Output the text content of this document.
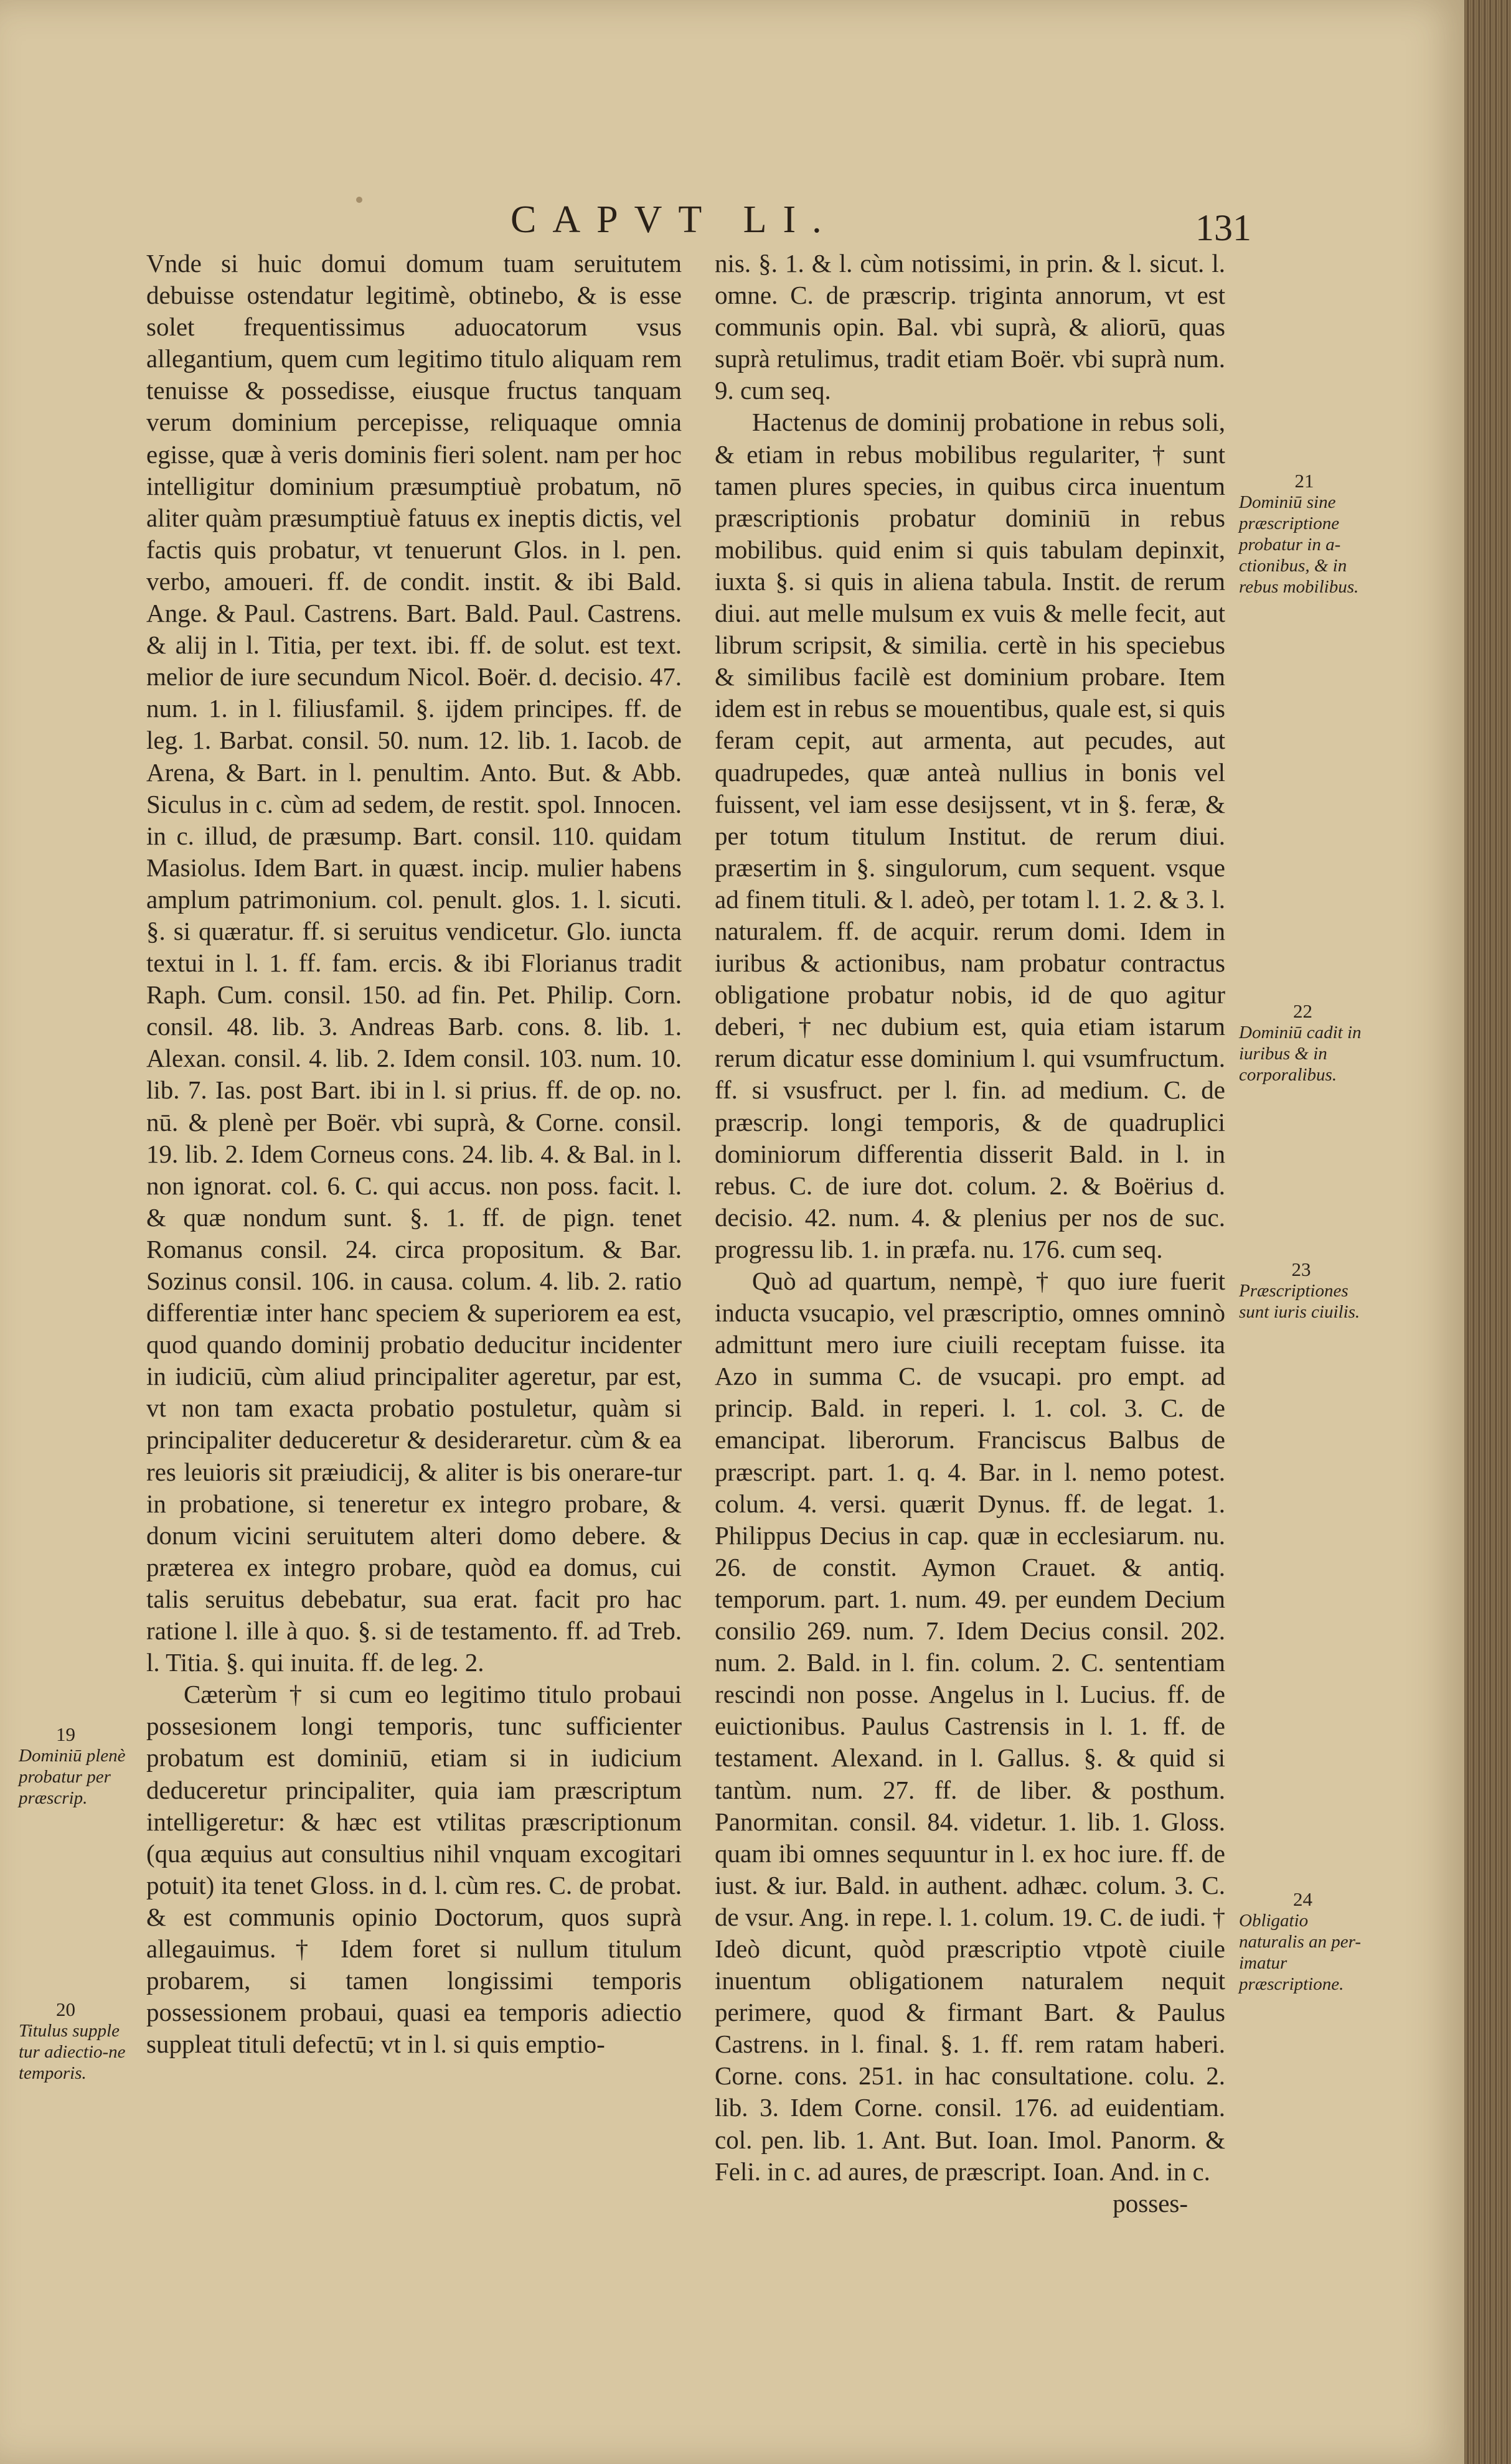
CAPVT LI.	131

Vnde si huic domui domum tuam seruitutem debuisse ostendatur legitimè, obtinebo, & is esse solet frequentissimus aduocatorum vsus allegantium, quem cum legitimo titulo aliquam rem tenuisse & possedisse, eiusque fructus tanquam verum dominium percepisse, reliquaque omnia egisse, quæ à veris dominis fieri solent. nam per hoc intelligitur dominium præsumptiuè probatum, nō aliter quàm præsumptiuè fatuus ex ineptis dictis, vel factis quis probatur, vt tenuerunt Glos. in l. pen. verbo, amoueri. ff. de condit. instit. & ibi Bald. Ange. & Paul. Castrens. Bart. Bald. Paul. Castrens. & alij in l. Titia, per text. ibi. ff. de solut. est text. melior de iure secundum Nicol. Boër. d. decisio. 47. num. 1. in l. filiusfamil. §. ijdem principes. ff. de leg. 1. Barbat. consil. 50. num. 12. lib. 1. Iacob. de Arena, & Bart. in l. penultim. Anto. But. & Abb. Siculus in c. cùm ad sedem, de restit. spol. Innocen. in c. illud, de præsump. Bart. consil. 110. quidam Masiolus. Idem Bart. in quæst. incip. mulier habens amplum patrimonium. col. penult. glos. 1. l. sicuti. §. si quæratur. ff. si seruitus vendicetur. Glo. iuncta textui in l. 1. ff. fam. ercis. & ibi Florianus tradit Raph. Cum. consil. 150. ad fin. Pet. Philip. Corn. consil. 48. lib. 3. Andreas Barb. cons. 8. lib. 1. Alexan. consil. 4. lib. 2. Idem consil. 103. num. 10. lib. 7. Ias. post Bart. ibi in l. si prius. ff. de op. no. nū. & plenè per Boër. vbi suprà, & Corne. consil. 19. lib. 2. Idem Corneus cons. 24. lib. 4. & Bal. in l. non ignorat. col. 6. C. qui accus. non poss. facit. l. & quæ nondum sunt. §. 1. ff. de pign. tenet Romanus consil. 24. circa propositum. & Bar. Sozinus consil. 106. in causa. colum. 4. lib. 2. ratio differentiæ inter hanc speciem & superiorem ea est, quod quando dominij probatio deducitur incidenter in iudiciū, cùm aliud principaliter ageretur, par est, vt non tam exacta probatio postuletur, quàm si principaliter deduceretur & desideraretur. cùm & ea res leuioris sit præiudicij, & aliter is bis onerare-tur in probatione, si teneretur ex integro probare, & donum vicini seruitutem alteri domo debere. & præterea ex integro probare, quòd ea domus, cui talis seruitus debebatur, sua erat. facit pro hac ratione l. ille à quo. §. si de testamento. ff. ad Treb. l. Titia. §. qui inuita. ff. de leg. 2.

Cæterùm † si cum eo legitimo titulo probaui possesionem longi temporis, tunc sufficienter probatum est dominiū, etiam si in iudicium deduceretur principaliter, quia iam præscriptum intelligeretur: & hæc est vtilitas præscriptionum (qua æquius aut consultius nihil vnquam excogitari potuit) ita tenet Gloss. in d. l. cùm res. C. de probat. & est communis opinio Doctorum, quos suprà allegauimus. † Idem foret si nullum titulum probarem, si tamen longissimi temporis possessionem probaui, quasi ea temporis adiectio suppleat tituli defectū; vt in l. si quis emptio-

nis. §. 1. & l. cùm notissimi, in prin. & l. sicut. l. omne. C. de præscrip. triginta annorum, vt est communis opin. Bal. vbi suprà, & aliorū, quas suprà retulimus, tradit etiam Boër. vbi suprà num. 9. cum seq.

Hactenus de dominij probatione in rebus soli, & etiam in rebus mobilibus regulariter, † sunt tamen plures species, in quibus circa inuentum præscriptionis probatur dominiū in rebus mobilibus. quid enim si quis tabulam depinxit, iuxta §. si quis in aliena tabula. Instit. de rerum diui. aut melle mulsum ex vuis & melle fecit, aut librum scripsit, & similia. certè in his speciebus & similibus facilè est dominium probare. Item idem est in rebus se mouentibus, quale est, si quis feram cepit, aut armenta, aut pecudes, aut quadrupedes, quæ anteà nullius in bonis vel fuissent, vel iam esse desijssent, vt in §. feræ, & per totum titulum Institut. de rerum diui. præsertim in §. singulorum, cum sequent. vsque ad finem tituli. & l. adeò, per totam l. 1. 2. & 3. l. naturalem. ff. de acquir. rerum domi. Idem in iuribus & actionibus, nam probatur contractus obligatione probatur nobis, id de quo agitur deberi, † nec dubium est, quia etiam istarum rerum dicatur esse dominium l. qui vsumfructum. ff. si vsusfruct. per l. fin. ad medium. C. de præscrip. longi temporis, & de quadruplici dominiorum differentia disserit Bald. in l. in rebus. C. de iure dot. colum. 2. & Boërius d. decisio. 42. num. 4. & plenius per nos de suc. progressu lib. 1. in præfa. nu. 176. cum seq.

Quò ad quartum, nempè, † quo iure fuerit inducta vsucapio, vel præscriptio, omnes omninò admittunt mero iure ciuili receptam fuisse. ita Azo in summa C. de vsucapi. pro empt. ad princip. Bald. in reperi. l. 1. col. 3. C. de emancipat. liberorum. Franciscus Balbus de præscript. part. 1. q. 4. Bar. in l. nemo potest. colum. 4. versi. quærit Dynus. ff. de legat. 1. Philippus Decius in cap. quæ in ecclesiarum. nu. 26. de constit. Aymon Crauet. & antiq. temporum. part. 1. num. 49. per eundem Decium consilio 269. num. 7. Idem Decius consil. 202. num. 2. Bald. in l. fin. colum. 2. C. sententiam rescindi non posse. Angelus in l. Lucius. ff. de euictionibus. Paulus Castrensis in l. 1. ff. de testament. Alexand. in l. Gallus. §. & quid si tantùm. num. 27. ff. de liber. & posthum. Panormitan. consil. 84. videtur. 1. lib. 1. Gloss. quam ibi omnes sequuntur in l. ex hoc iure. ff. de iust. & iur. Bald. in authent. adhæc. colum. 3. C. de vsur. Ang. in repe. l. 1. colum. 19. C. de iudi. † Ideò dicunt, quòd præscriptio vtpotè ciuile inuentum obligationem naturalem nequit perimere, quod & firmant Bart. & Paulus Castrens. in l. final. §. 1. ff. rem ratam haberi. Corne. cons. 251. in hac consultatione. colu. 2. lib. 3. Idem Corne. consil. 176. ad euidentiam. col. pen. lib. 1. Ant. But. Ioan. Imol. Panorm. & Feli. in c. ad aures, de præscript. Ioan. And. in c.

posses-

19
Dominiū plenè probatur per præscrip.
20
Titulus supple tur adiectio-ne temporis.
21
Dominiū sine præscriptione probatur in a-ctionibus, & in rebus mobilibus.
22
Dominiū cadit in iuribus & in corporalibus.
23
Præscriptiones sunt iuris ciuilis.
24
Obligatio naturalis an per-imatur præscriptione.
